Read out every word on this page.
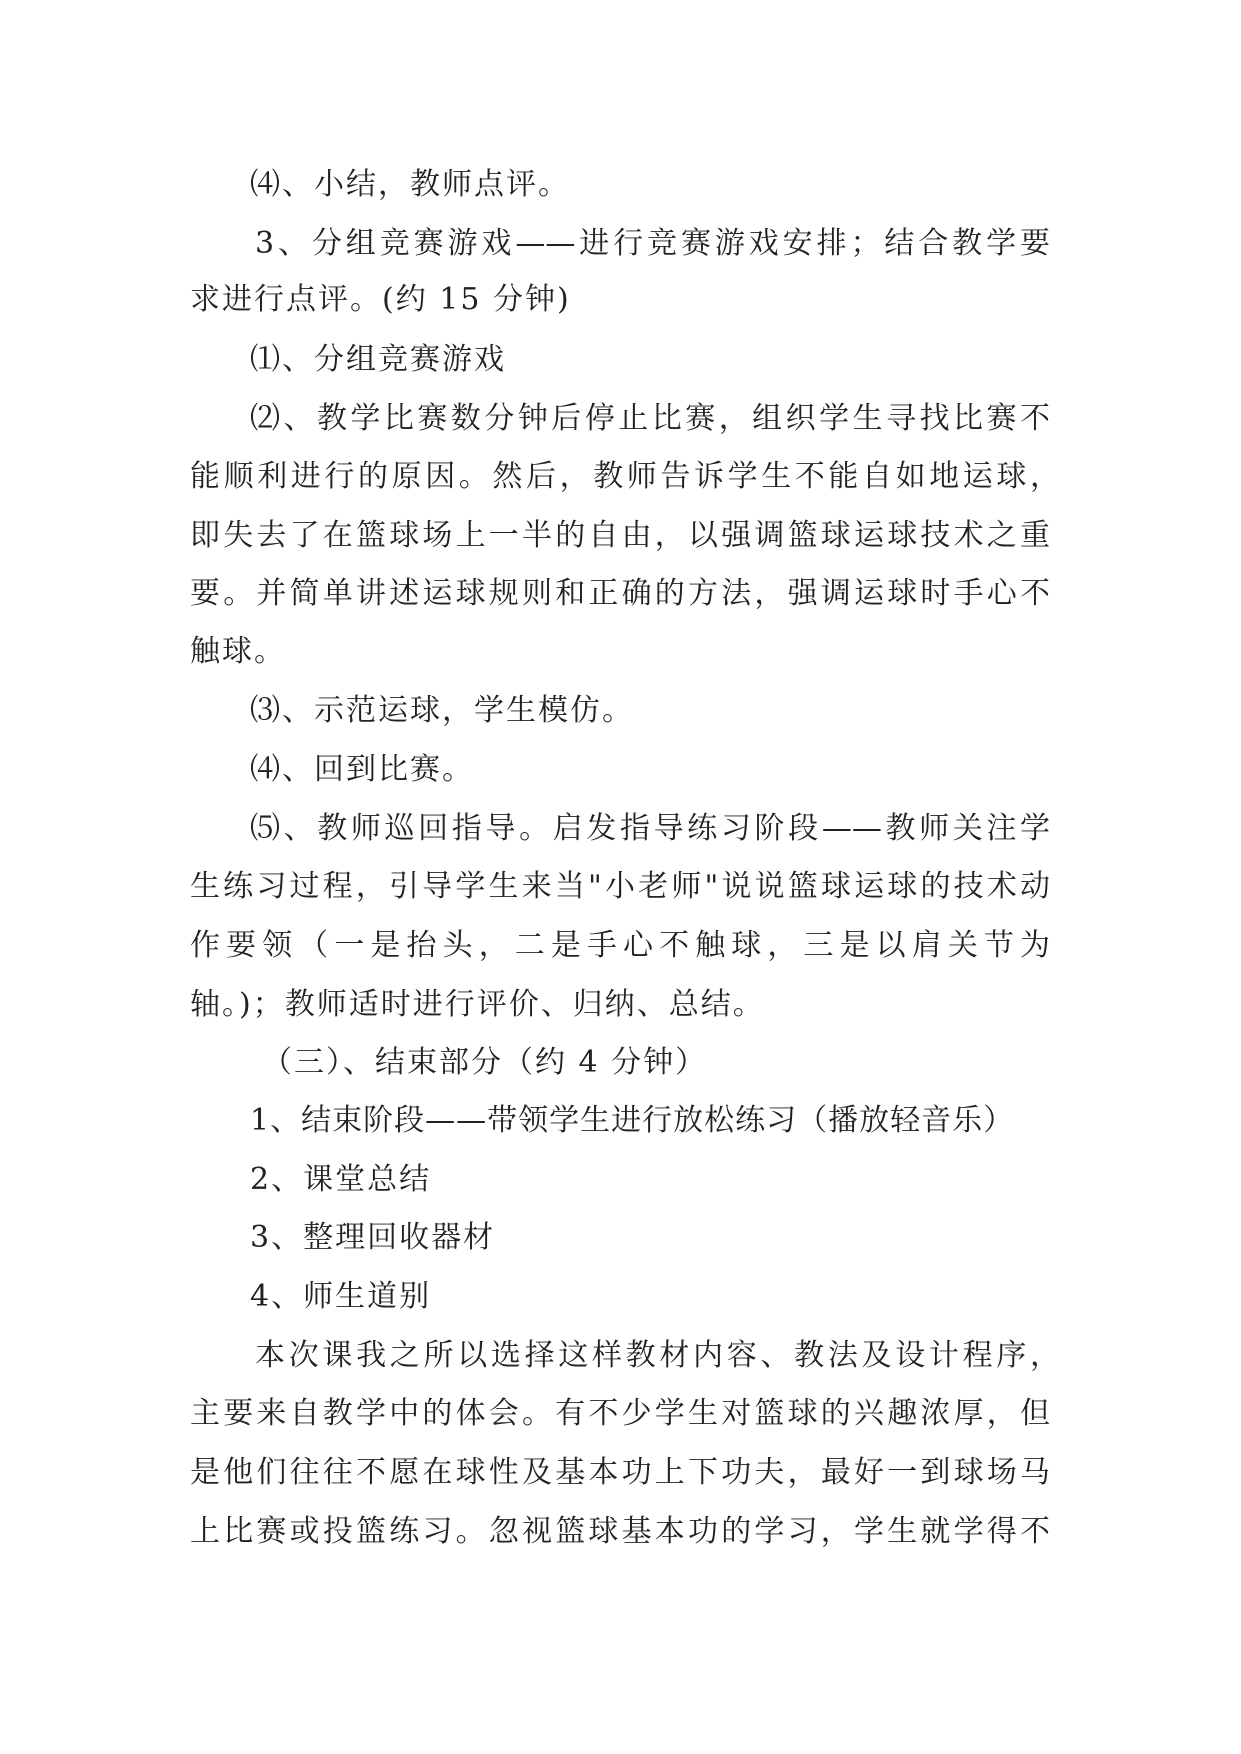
⑷、小结，教师点评。
3、分组竞赛游戏——进行竞赛游戏安排；结合教学要
求进行点评。(约 15 分钟)
⑴、分组竞赛游戏
⑵、教学比赛数分钟后停止比赛，组织学生寻找比赛不
能顺利进行的原因。然后，教师告诉学生不能自如地运球，
即失去了在篮球场上一半的自由，以强调篮球运球技术之重
要。并简单讲述运球规则和正确的方法，强调运球时手心不
触球。
⑶、示范运球，学生模仿。
⑷、回到比赛。
⑸、教师巡回指导。启发指导练习阶段——教师关注学
生练习过程，引导学生来当"小老师"说说篮球运球的技术动
作要领（一是抬头，二是手心不触球，三是以肩关节为
轴。)；教师适时进行评价、归纳、总结。
（三）、结束部分（约 4 分钟）
1、结束阶段——带领学生进行放松练习（播放轻音乐）
2、课堂总结
3、整理回收器材
4、师生道别
本次课我之所以选择这样教材内容、教法及设计程序，
主要来自教学中的体会。有不少学生对篮球的兴趣浓厚，但
是他们往往不愿在球性及基本功上下功夫，最好一到球场马
上比赛或投篮练习。忽视篮球基本功的学习，学生就学得不
